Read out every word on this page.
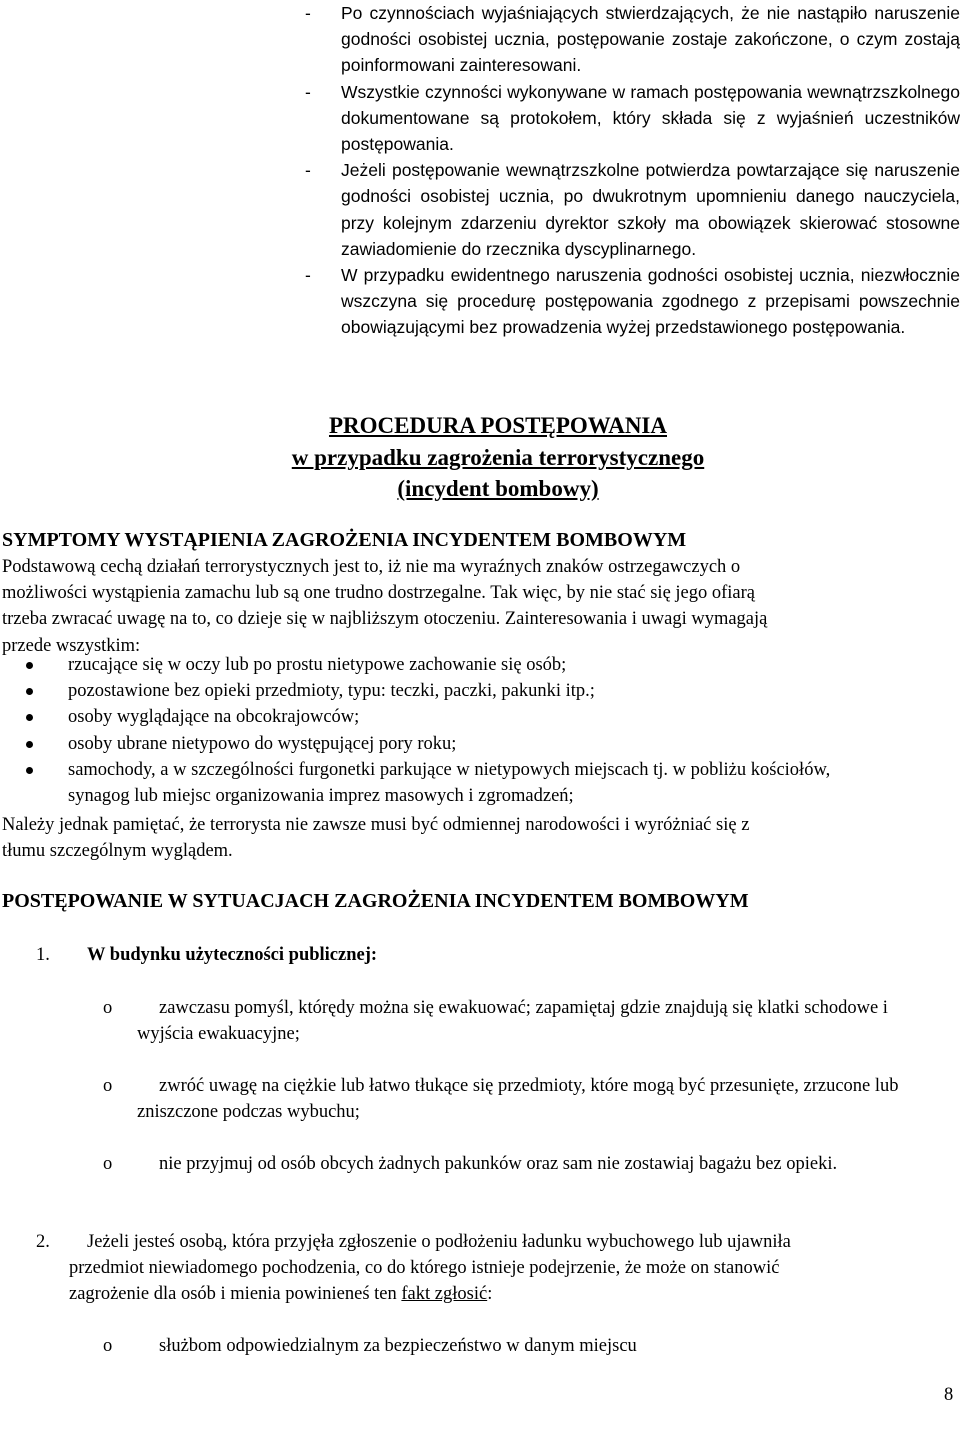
- Po czynnościach wyjaśniających stwierdzających, że nie nastąpiło naruszenie godności osobistej ucznia, postępowanie zostaje zakończone, o czym zostają poinformowani zainteresowani.
- Wszystkie czynności wykonywane w ramach postępowania wewnątrzszkolnego dokumentowane są protokołem, który składa się z wyjaśnień uczestników postępowania.
- Jeżeli postępowanie wewnątrzszkolne potwierdza powtarzające się naruszenie godności osobistej ucznia, po dwukrotnym upomnieniu danego nauczyciela, przy kolejnym zdarzeniu dyrektor szkoły ma obowiązek skierować stosowne zawiadomienie do rzecznika dyscyplinarnego.
- W przypadku ewidentnego naruszenia godności osobistej ucznia, niezwłocznie wszczyna się procedurę postępowania zgodnego z przepisami powszechnie obowiązującymi bez prowadzenia wyżej przedstawionego postępowania.
PROCEDURA POSTĘPOWANIA
w przypadku zagrożenia terrorystycznego
(incydent bombowy)
SYMPTOMY WYSTĄPIENIA ZAGROŻENIA INCYDENTEM BOMBOWYM
Podstawową cechą działań terrorystycznych jest to, iż nie ma wyraźnych znaków ostrzegawczych o
możliwości wystąpienia zamachu lub są one trudno dostrzegalne. Tak więc, by nie stać się jego ofiarą
trzeba zwracać uwagę na to, co dzieje się w najbliższym otoczeniu. Zainteresowania i uwagi wymagają
przede wszystkim:
rzucające się w oczy lub po prostu nietypowe zachowanie się osób;
pozostawione bez opieki przedmioty, typu: teczki, paczki, pakunki itp.;
osoby wyglądające na obcokrajowców;
osoby ubrane nietypowo do występującej pory roku;
samochody, a w szczególności furgonetki parkujące w nietypowych miejscach tj. w pobliżu kościołów, synagog lub miejsc organizowania imprez masowych i zgromadzeń;
Należy jednak pamiętać, że terrorysta nie zawsze musi być odmiennej narodowości i wyróżniać się z
tłumu szczególnym wyglądem.
POSTĘPOWANIE W SYTUACJACH ZAGROŻENIA INCYDENTEM BOMBOWYM
1. W budynku użyteczności publicznej:
o	zawczasu pomyśl, którędy można się ewakuować; zapamiętaj gdzie znajdują się klatki schodowe i wyjścia ewakuacyjne;
o	zwróć uwagę na ciężkie lub łatwo tłukące się przedmioty, które mogą być przesunięte, zrzucone lub zniszczone podczas wybuchu;
o	nie przyjmuj od osób obcych żadnych pakunków oraz sam nie zostawiaj bagażu bez opieki.
2.	Jeżeli jesteś osobą, która przyjęła zgłoszenie o podłożeniu ładunku wybuchowego lub ujawniła
przedmiot niewiadomego pochodzenia, co do którego istnieje podejrzenie, że może on stanowić
zagrożenie dla osób i mienia powinieneś ten fakt zgłosić:
o	służbom odpowiedzialnym za bezpieczeństwo w danym miejscu
8
